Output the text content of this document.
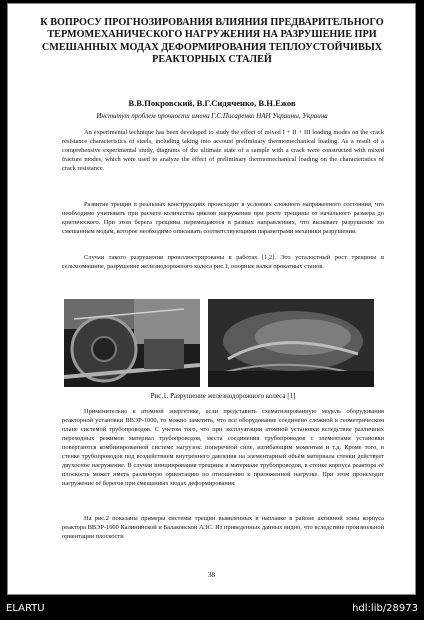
К ВОПРОСУ ПРОГНОЗИРОВАНИЯ ВЛИЯНИЯ ПРЕДВАРИТЕЛЬНОГО ТЕРМОМЕХАНИЧЕСКОГО НАГРУЖЕНИЯ НА РАЗРУШЕНИЕ ПРИ СМЕШАННЫХ МОДАХ ДЕФОРМИРОВАНИЯ ТЕПЛОУСТОЙЧИВЫХ РЕАКТОРНЫХ СТАЛЕЙ
В.В.Покровский, В.Г.Сидяченко, В.Н.Ежов
Институт проблем прочности имени Г.С.Писаренко НАН Украины, Украина

An experimental technique has been developed to study the effect of mixed I + II + III loading modes on the crack resistance characteristics of steels, including taking into account preliminary thermomechanical loading. As a result of a comprehensive experimental study, diagrams of the ultimate state of a sample with a crack were constructed with mixed fracture modes, which were used to analyze the effect of preliminary thermomechanical loading on the characteristics of crack resistance.

Развитие трещин в реальных конструкциях происходит в условиях сложного напряженного состояния, что необходимо учитывать при расчете количества циклов нагружения при росте трещины от начального размера до критического. При этом берега трещины перемещаются в разных направлениях, что вызывает разрушение по смешанным модам, которое необходимо описывать соответствующими параметрами механики разрушения.

Случаи такого разрушения проиллюстрированы в работах [1,2]. Это усталостный рост трещины в сельхозмашине, разрушение железнодорожного колеса рис.1, опорные валки прокатных станов.

Рис.1. Разрушение железнодорожного колеса [1]

Применительно к атомной энергетике, если представить схематизированную модель оборудования реакторной установки ВВЭР-1000, то можно заметить, что все оборудование соединено сложной в геометрическом плане системой трубопроводов. С учетом того, что при эксплуатации атомной установки вследствие различных переходных режимов материал трубопроводов, места соединения трубопроводов с элементами установки повергаются комбинированной системе нагрузок: поперечной силе, изгибающим моментам и т.д. Кроме того, в стенке трубопроводов под воздействием внутреннего давления на элементарный объём материала стенки действует двухосное нагружение. В случаи инициирования трещины в материале трубопроводов, в стенке корпуса реактора её плоскость может иметь различную ориентацию по отношению к приложенной нагрузке. При этом происходит нагружение её берегов при смешанных модах деформирования.

На рис.2 показаны примеры системы трещин выявленных в наплавке в районе активной зоны корпуса реактора ВВЭР-1000 Калининской и Балаковской АЭС. Из приведенных данных видно, что вследствие произвольной ориентации плоскости

38
ELARTU	hdl:lib/28973
